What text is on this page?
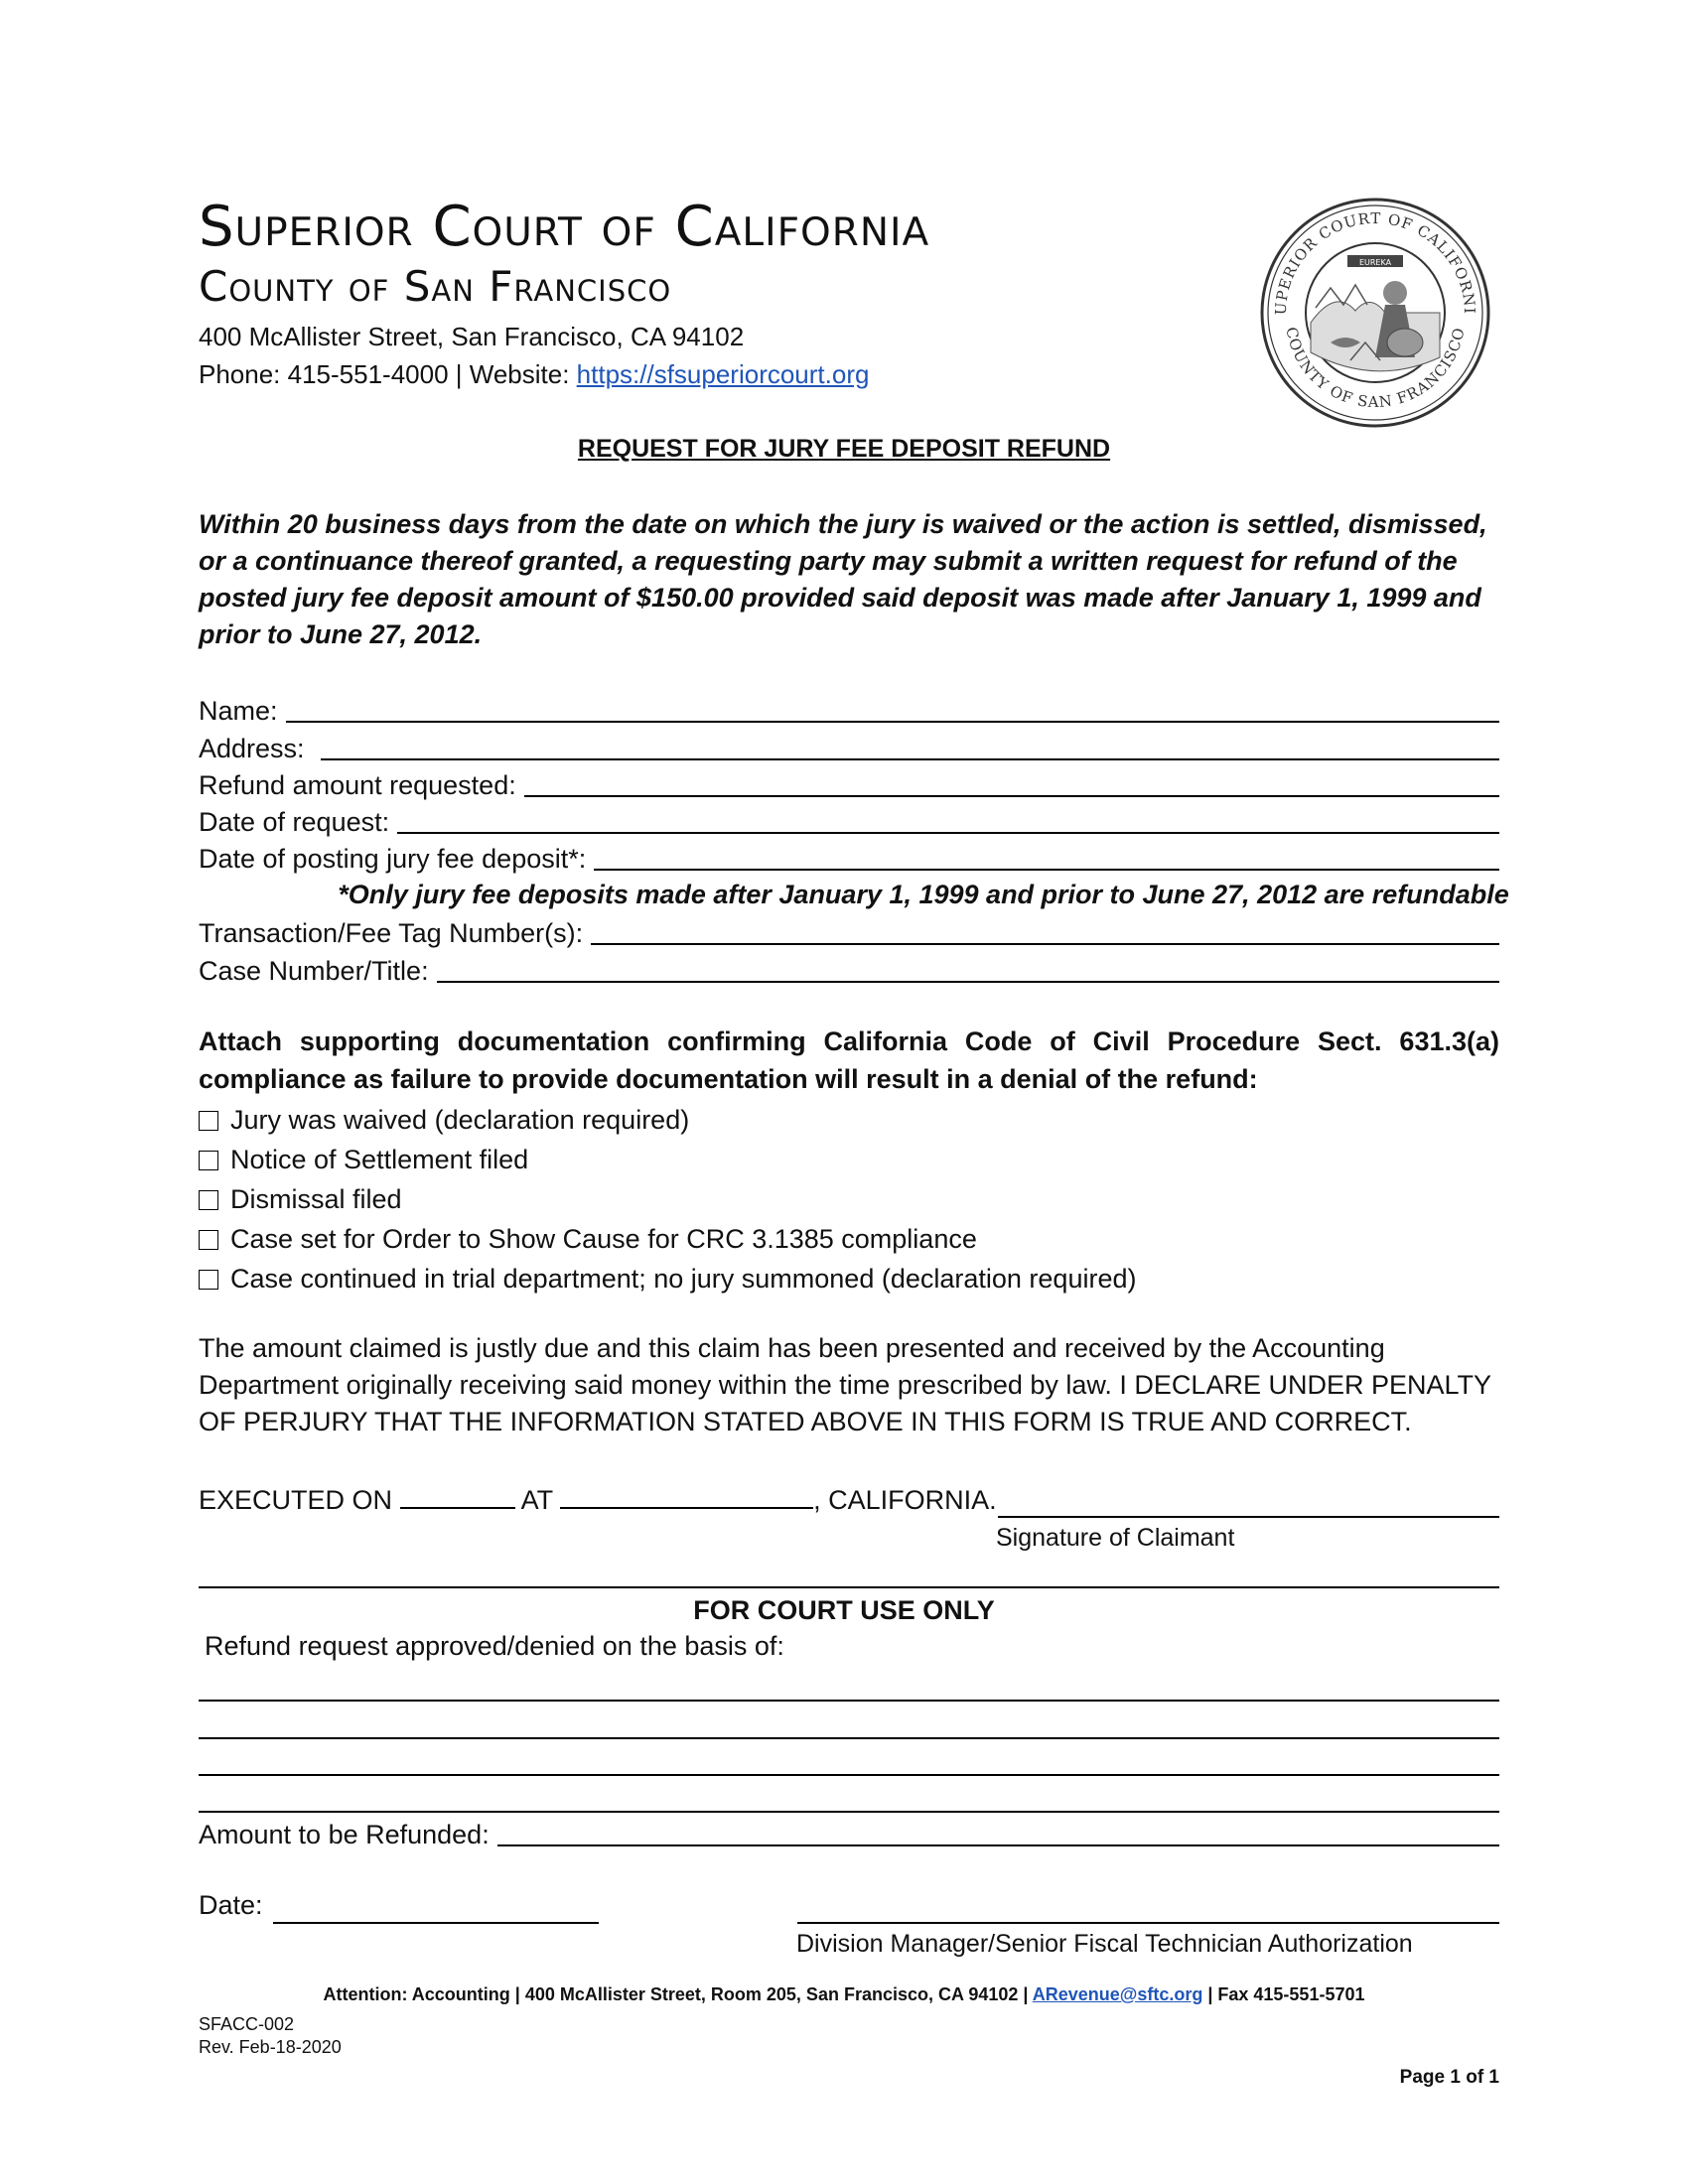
Superior Court of California
County of San Francisco
400 McAllister Street, San Francisco, CA 94102
Phone: 415-551-4000 | Website: https://sfsuperiorcourt.org
UPERIOR COURT OF CALIFORNI
COUNTY OF SAN FRANCISCO
EUREKA
REQUEST FOR JURY FEE DEPOSIT REFUND
Within 20 business days from the date on which the jury is waived or the action is settled, dismissed, or a continuance thereof granted, a requesting party may submit a written request for refund of the posted jury fee deposit amount of $150.00 provided said deposit was made after January 1, 1999 and prior to June 27, 2012.
Name:
Address:
Refund amount requested:
Date of request:
Date of posting jury fee deposit*:
*Only jury fee deposits made after January 1, 1999 and prior to June 27, 2012 are refundable
Transaction/Fee Tag Number(s):
Case Number/Title:
Attach supporting documentation confirming California Code of Civil Procedure Sect. 631.3(a) compliance as failure to provide documentation will result in a denial of the refund:
Jury was waived (declaration required)
Notice of Settlement filed
Dismissal filed
Case set for Order to Show Cause for CRC 3.1385 compliance
Case continued in trial department; no jury summoned (declaration required)
The amount claimed is justly due and this claim has been presented and received by the Accounting Department originally receiving said money within the time prescribed by law. I DECLARE UNDER PENALTY OF PERJURY THAT THE INFORMATION STATED ABOVE IN THIS FORM IS TRUE AND CORRECT.
EXECUTED ON	AT	, CALIFORNIA.
Signature of Claimant
FOR COURT USE ONLY
Refund request approved/denied on the basis of:
Amount to be Refunded:
Date:
Division Manager/Senior Fiscal Technician Authorization
Attention: Accounting | 400 McAllister Street, Room 205, San Francisco, CA 94102 | ARevenue@sftc.org | Fax 415-551-5701
SFACC-002
Rev. Feb-18-2020
Page 1 of 1
